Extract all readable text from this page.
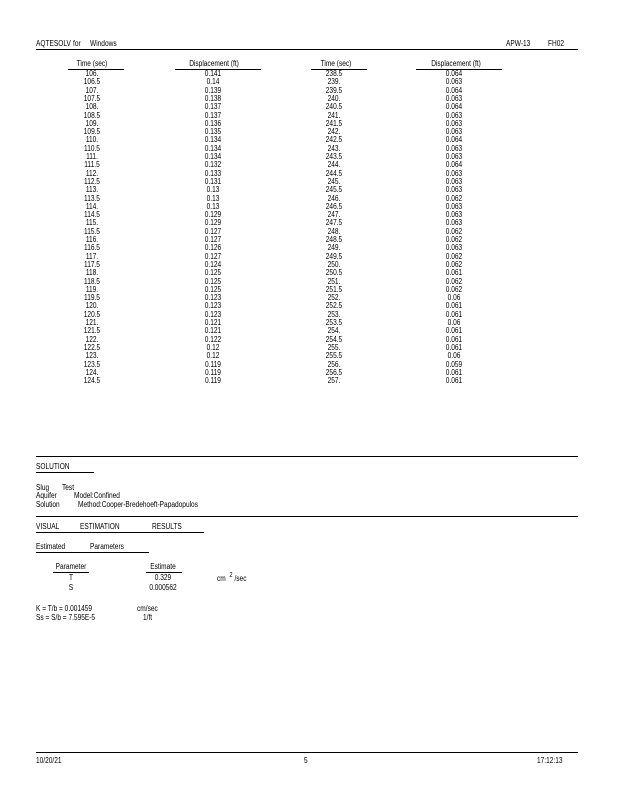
AQTESOLV for Windows	APW-13 FH02
Time (sec)	Displacement (ft)	Time (sec)	Displacement (ft)
106.	0.141	238.5	0.064
106.5	0.14	239.	0.063
107.	0.139	239.5	0.064
107.5	0.138	240.	0.063
108.	0.137	240.5	0.064
108.5	0.137	241.	0.063
109.	0.136	241.5	0.063
109.5	0.135	242.	0.063
110.	0.134	242.5	0.064
110.5	0.134	243.	0.063
111.	0.134	243.5	0.063
111.5	0.132	244.	0.064
112.	0.133	244.5	0.063
112.5	0.131	245.	0.063
113.	0.13	245.5	0.063
113.5	0.13	246.	0.062
114.	0.13	246.5	0.063
114.5	0.129	247.	0.063
115.	0.129	247.5	0.063
115.5	0.127	248.	0.062
116.	0.127	248.5	0.062
116.5	0.126	249.	0.063
117.	0.127	249.5	0.062
117.5	0.124	250.	0.062
118.	0.125	250.5	0.061
118.5	0.125	251.	0.062
119.	0.125	251.5	0.062
119.5	0.123	252.	0.06
120.	0.123	252.5	0.061
120.5	0.123	253.	0.061
121.	0.121	253.5	0.06
121.5	0.121	254.	0.061
122.	0.122	254.5	0.061
122.5	0.12	255.	0.061
123.	0.12	255.5	0.06
123.5	0.119	256.	0.059
124.	0.119	256.5	0.061
124.5	0.119	257.	0.061
SOLUTION
Slug Test
Aquifer Model:Confined
Solution Method:Cooper-Bredehoeft-Papadopulos
VISUAL	ESTIMATION	RESULTS
Estimated	Parameters
Parameter	Estimate
T	0.329	cm 2 /sec
S	0.000562
K = T/b = 0.001459	cm/sec
Ss = S/b = 7.595E-5	1/ft
10/20/21	5	17:12:13
